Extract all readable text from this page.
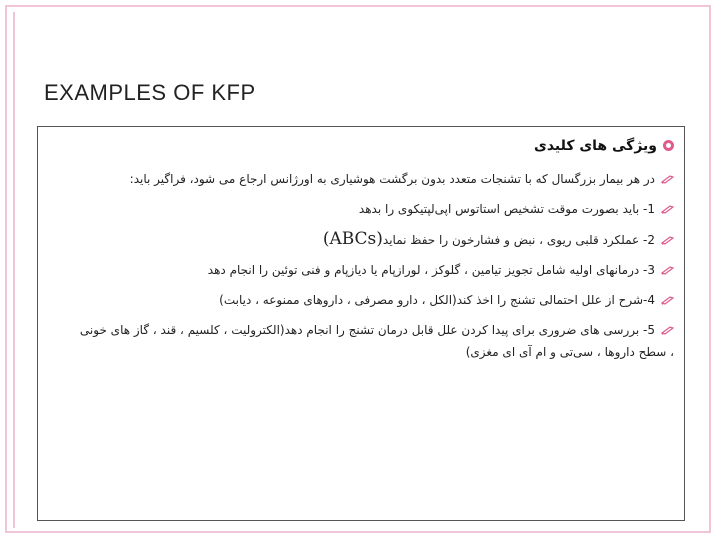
EXAMPLES OF KFP
ویژگی های کلیدی
در هر بیمار بزرگسال که با تشنجات متعدد بدون برگشت هوشیاری به اورژانس ارجاع می شود، فراگیر باید:
1- باید بصورت موقت تشخیص استاتوس اپی‌لپتیکوی را بدهد
2- عملکرد قلبی ریوی ، نبض و فشارخون را حفظ نماید(ABCs)
3- درمانهای اولیه شامل تجویز تیامین ، گلوکز ، لورازپام یا دیازپام و فنی توئین را انجام دهد
4-شرح از علل احتمالی تشنج را اخذ کند(الکل ، دارو مصرفی ، داروهای ممنوعه ، دیابت)
5- بررسی های ضروری برای پیدا کردن علل قابل درمان تشنج را انجام دهد(الکترولیت ، کلسیم ، قند ، گاز های خونی ، سطح داروها ، سی‌تی و ام آی ای مغزی)
